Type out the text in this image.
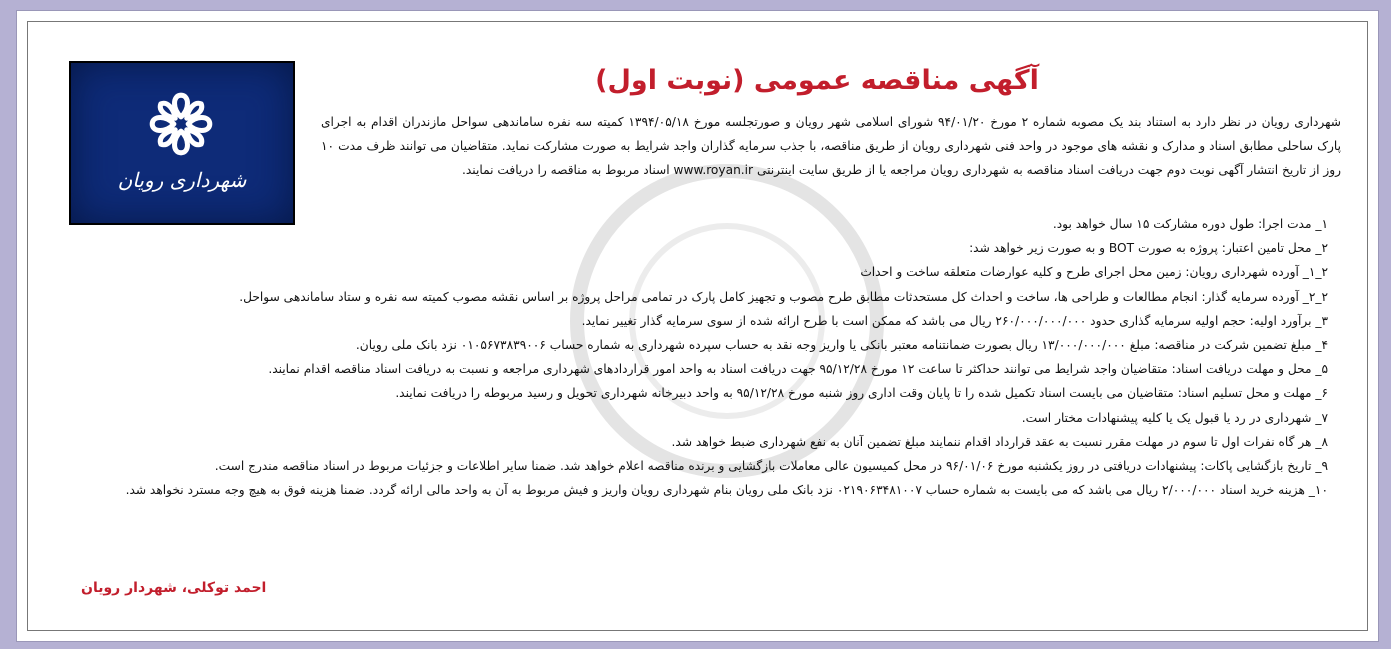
شهرداری رویان
آگهی مناقصه عمومی (نوبت اول)
شهرداری رویان در نظر دارد به استناد بند یک مصوبه شماره ۲ مورخ ۹۴/۰۱/۲۰ شورای اسلامی شهر رویان و صورتجلسه مورخ ۱۳۹۴/۰۵/۱۸ کمیته سه نفره ساماندهی سواحل مازندران اقدام به اجرای پارک ساحلی مطابق اسناد و مدارک و نقشه های موجود در واحد فنی شهرداری رویان از طریق مناقصه، با جذب سرمایه گذاران واجد شرایط به صورت مشارکت نماید. متقاضیان می توانند ظرف مدت ۱۰ روز از تاریخ انتشار آگهی نوبت دوم جهت دریافت اسناد مناقصه به شهرداری رویان مراجعه یا از طریق سایت اینترنتی www.royan.ir اسناد مربوط به مناقصه را دریافت نمایند.
۱_ مدت اجرا: طول دوره مشارکت ۱۵ سال خواهد بود.
۲_ محل تامین اعتبار: پروژه به صورت BOT و به صورت زیر خواهد شد:
۲_۱_ آورده شهرداری رویان: زمین محل اجرای طرح و کلیه عوارضات متعلقه ساخت و احداث
۲_۲_ آورده سرمایه گذار: انجام مطالعات و طراحی ها، ساخت و احداث کل مستحدثات مطابق طرح مصوب و تجهیز کامل پارک در تمامی مراحل پروژه بر اساس نقشه مصوب کمیته سه نفره و ستاد ساماندهی سواحل.
۳_ برآورد اولیه: حجم اولیه سرمایه گذاری حدود ۲۶۰/۰۰۰/۰۰۰/۰۰۰ ریال می باشد که ممکن است با طرح ارائه شده از سوی سرمایه گذار تغییر نماید.
۴_ مبلغ تضمین شرکت در مناقصه: مبلغ ۱۳/۰۰۰/۰۰۰/۰۰۰ ریال بصورت ضمانتنامه معتبر بانکی یا واریز وجه نقد به حساب سپرده شهرداری به شماره حساب ۰۱۰۵۶۷۳۸۳۹۰۰۶ نزد بانک ملی رویان.
۵_ محل و مهلت دریافت اسناد: متقاضیان واجد شرایط می توانند حداکثر تا ساعت ۱۲ مورخ ۹۵/۱۲/۲۸ جهت دریافت اسناد به واحد امور قراردادهای شهرداری مراجعه و نسبت به دریافت اسناد مناقصه اقدام نمایند.
۶_ مهلت و محل تسلیم اسناد: متقاضیان می بایست اسناد تکمیل شده را تا پایان وقت اداری روز شنبه مورخ ۹۵/۱۲/۲۸ به واحد دبیرخانه شهرداری تحویل و رسید مربوطه را دریافت نمایند.
۷_ شهرداری در رد یا قبول یک یا کلیه پیشنهادات مختار است.
۸_ هر گاه نفرات اول تا سوم در مهلت مقرر نسبت به عقد قرارداد اقدام ننمایند مبلغ تضمین آنان به نفع شهرداری ضبط خواهد شد.
۹_ تاریخ بازگشایی پاکات: پیشنهادات دریافتی در روز یکشنبه مورخ ۹۶/۰۱/۰۶ در محل کمیسیون عالی معاملات بازگشایی و برنده مناقصه اعلام خواهد شد. ضمنا سایر اطلاعات و جزئیات مربوط در اسناد مناقصه مندرج است.
۱۰_ هزینه خرید اسناد ۲/۰۰۰/۰۰۰ ریال می باشد که می بایست به شماره حساب ۰۲۱۹۰۶۳۴۸۱۰۰۷ نزد بانک ملی رویان بنام شهرداری رویان واریز و فیش مربوط به آن به واحد مالی ارائه گردد. ضمنا هزینه فوق به هیچ وجه مسترد نخواهد شد.
احمد توکلی، شهردار رویان
